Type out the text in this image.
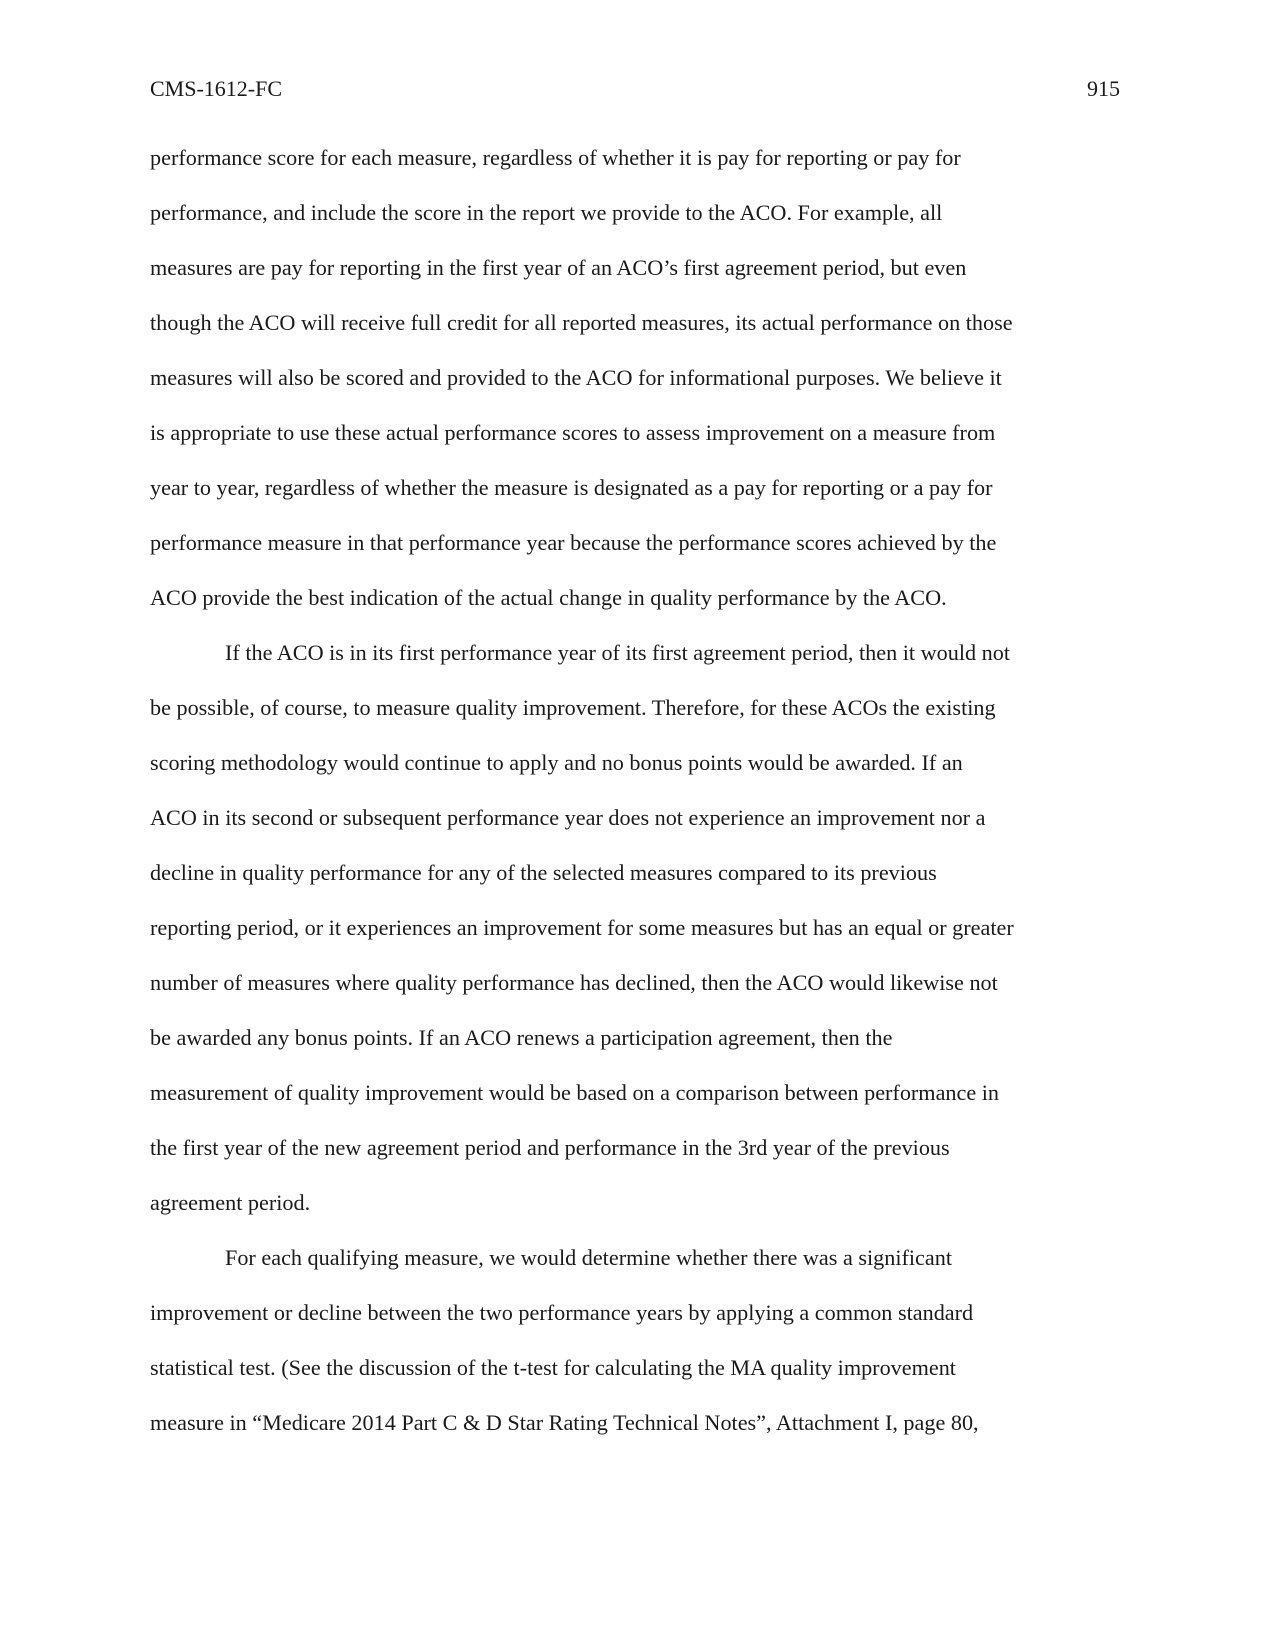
CMS-1612-FC	915
performance score for each measure, regardless of whether it is pay for reporting or pay for
performance, and include the score in the report we provide to the ACO. For example, all
measures are pay for reporting in the first year of an ACO’s first agreement period, but even
though the ACO will receive full credit for all reported measures, its actual performance on those
measures will also be scored and provided to the ACO for informational purposes. We believe it
is appropriate to use these actual performance scores to assess improvement on a measure from
year to year, regardless of whether the measure is designated as a pay for reporting or a pay for
performance measure in that performance year because the performance scores achieved by the
ACO provide the best indication of the actual change in quality performance by the ACO.
If the ACO is in its first performance year of its first agreement period, then it would not
be possible, of course, to measure quality improvement. Therefore, for these ACOs the existing
scoring methodology would continue to apply and no bonus points would be awarded. If an
ACO in its second or subsequent performance year does not experience an improvement nor a
decline in quality performance for any of the selected measures compared to its previous
reporting period, or it experiences an improvement for some measures but has an equal or greater
number of measures where quality performance has declined, then the ACO would likewise not
be awarded any bonus points. If an ACO renews a participation agreement, then the
measurement of quality improvement would be based on a comparison between performance in
the first year of the new agreement period and performance in the 3rd year of the previous
agreement period.
For each qualifying measure, we would determine whether there was a significant
improvement or decline between the two performance years by applying a common standard
statistical test. (See the discussion of the t-test for calculating the MA quality improvement
measure in “Medicare 2014 Part C & D Star Rating Technical Notes”, Attachment I, page 80,
